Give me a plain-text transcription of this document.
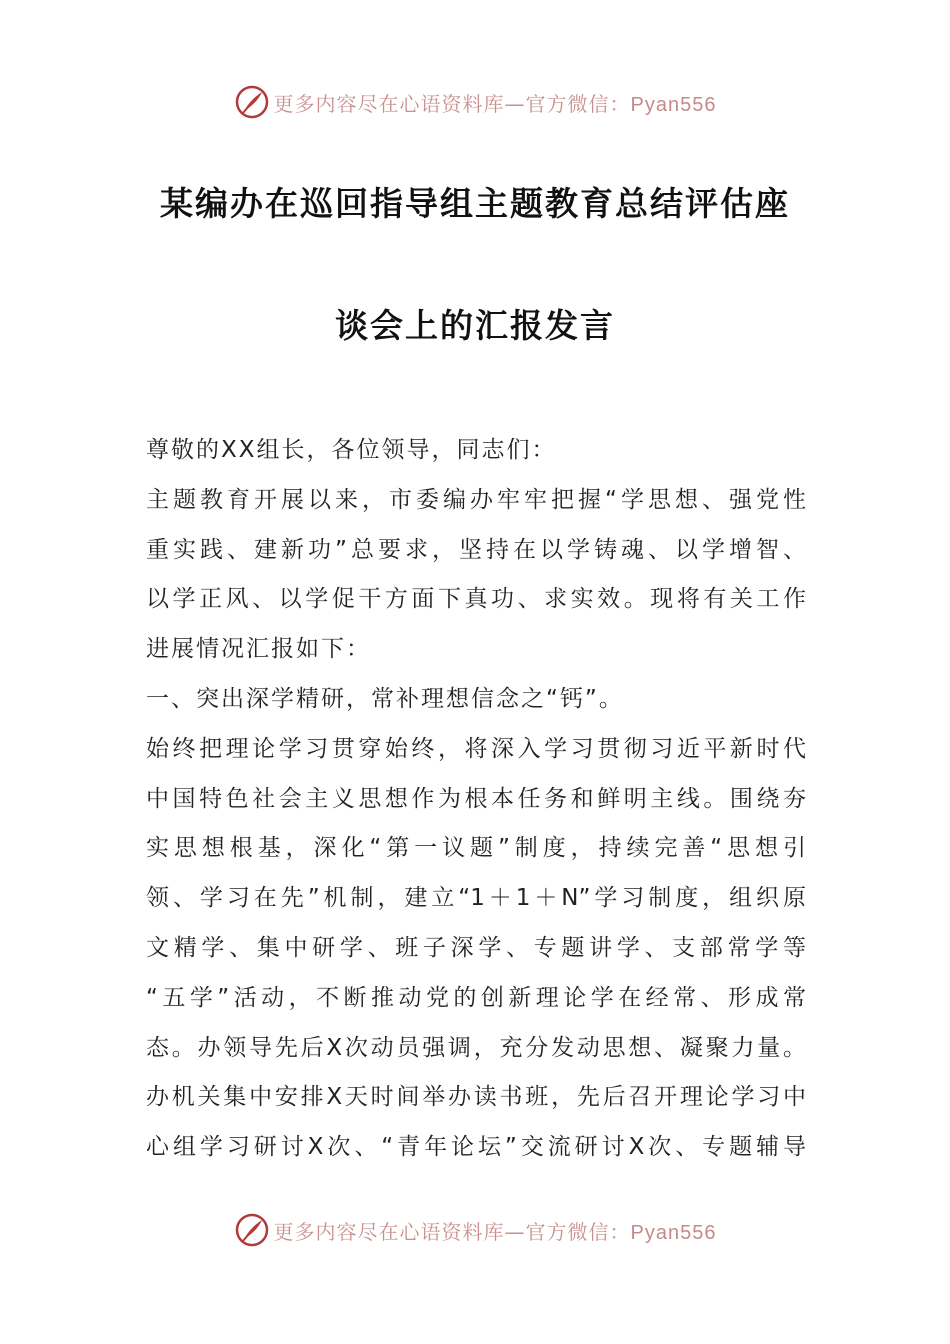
更多内容尽在心语资料库—官方微信：Pyan556
某编办在巡回指导组主题教育总结评估座
谈会上的汇报发言
尊敬的XX组长，各位领导，同志们：
主题教育开展以来，市委编办牢牢把握“学思想、强党性
重实践、建新功”总要求，坚持在以学铸魂、以学增智、
以学正风、以学促干方面下真功、求实效。现将有关工作
进展情况汇报如下：
一、突出深学精研，常补理想信念之“钙”。
始终把理论学习贯穿始终，将深入学习贯彻习近平新时代
中国特色社会主义思想作为根本任务和鲜明主线。围绕夯
实思想根基，深化“第一议题”制度，持续完善“思想引
领、学习在先”机制，建立“1＋1＋N”学习制度，组织原
文精学、集中研学、班子深学、专题讲学、支部常学等
“五学”活动，不断推动党的创新理论学在经常、形成常
态。办领导先后X次动员强调，充分发动思想、凝聚力量。
办机关集中安排X天时间举办读书班，先后召开理论学习中
心组学习研讨X次、“青年论坛”交流研讨X次、专题辅导
更多内容尽在心语资料库—官方微信：Pyan556
